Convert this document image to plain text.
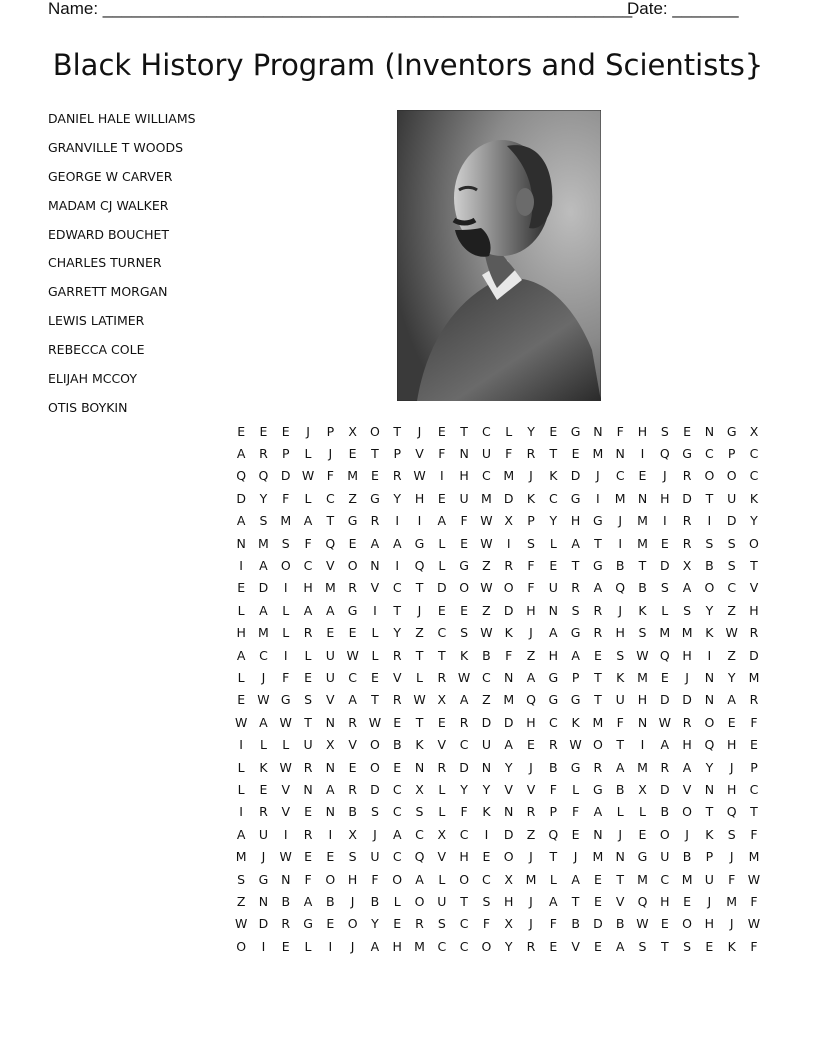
Name: ________________________________________________________
Date: _______
Black History Program (Inventors and Scientists}
DANIEL HALE WILLIAMS
GRANVILLE T WOODS
GEORGE W CARVER
MADAM CJ WALKER
EDWARD BOUCHET
CHARLES TURNER
GARRETT MORGAN
LEWIS LATIMER
REBECCA COLE
ELIJAH MCCOY
OTIS BOYKIN
E	E	E	J	P	X	O	T	J	E	T	C	L	Y	E	G	N	F	H	S	E	N	G	X
A	R	P	L	J	E	T	P	V	F	N	U	F	R	T	E	M	N	I	Q	G	C	P	C
Q	Q	D	W	F	M	E	R	W	I	H	C	M	J	K	D	J	C	E	J	R	O	O	C
D	Y	F	L	C	Z	G	Y	H	E	U	M	D	K	C	G	I	M	N	H	D	T	U	K
A	S	M	A	T	G	R	I	I	A	F	W	X	P	Y	H	G	J	M	I	R	I	D	Y
N	M	S	F	Q	E	A	A	G	L	E	W	I	S	L	A	T	I	M	E	R	S	S	O
I	A	O	C	V	O	N	I	Q	L	G	Z	R	F	E	T	G	B	T	D	X	B	S	T
E	D	I	H	M	R	V	C	T	D	O	W	O	F	U	R	A	Q	B	S	A	O	C	V
L	A	L	A	A	G	I	T	J	E	E	Z	D	H	N	S	R	J	K	L	S	Y	Z	H
H	M	L	R	E	E	L	Y	Z	C	S	W	K	J	A	G	R	H	S	M	M	K	W	R
A	C	I	L	U	W	L	R	T	T	K	B	F	Z	H	A	E	S	W	Q	H	I	Z	D
L	J	F	E	U	C	E	V	L	R	W	C	N	A	G	P	T	K	M	E	J	N	Y	M
E	W	G	S	V	A	T	R	W	X	A	Z	M	Q	G	G	T	U	H	D	D	N	A	R
W	A	W	T	N	R	W	E	T	E	R	D	D	H	C	K	M	F	N	W	R	O	E	F
I	L	L	U	X	V	O	B	K	V	C	U	A	E	R	W	O	T	I	A	H	Q	H	E
L	K	W	R	N	E	O	E	N	R	D	N	Y	J	B	G	R	A	M	R	A	Y	J	P
L	E	V	N	A	R	D	C	X	L	Y	Y	V	V	F	L	G	B	X	D	V	N	H	C
I	R	V	E	N	B	S	C	S	L	F	K	N	R	P	F	A	L	L	B	O	T	Q	T
A	U	I	R	I	X	J	A	C	X	C	I	D	Z	Q	E	N	J	E	O	J	K	S	F
M	J	W	E	E	S	U	C	Q	V	H	E	O	J	T	J	M	N	G	U	B	P	J	M
S	G	N	F	O	H	F	O	A	L	O	C	X	M	L	A	E	T	M	C	M	U	F	W
Z	N	B	A	B	J	B	L	O	U	T	S	H	J	A	T	E	V	Q	H	E	J	M	F
W	D	R	G	E	O	Y	E	R	S	C	F	X	J	F	B	D	B	W	E	O	H	J	W
O	I	E	L	I	J	A	H	M	C	C	O	Y	R	E	V	E	A	S	T	S	E	K	F
